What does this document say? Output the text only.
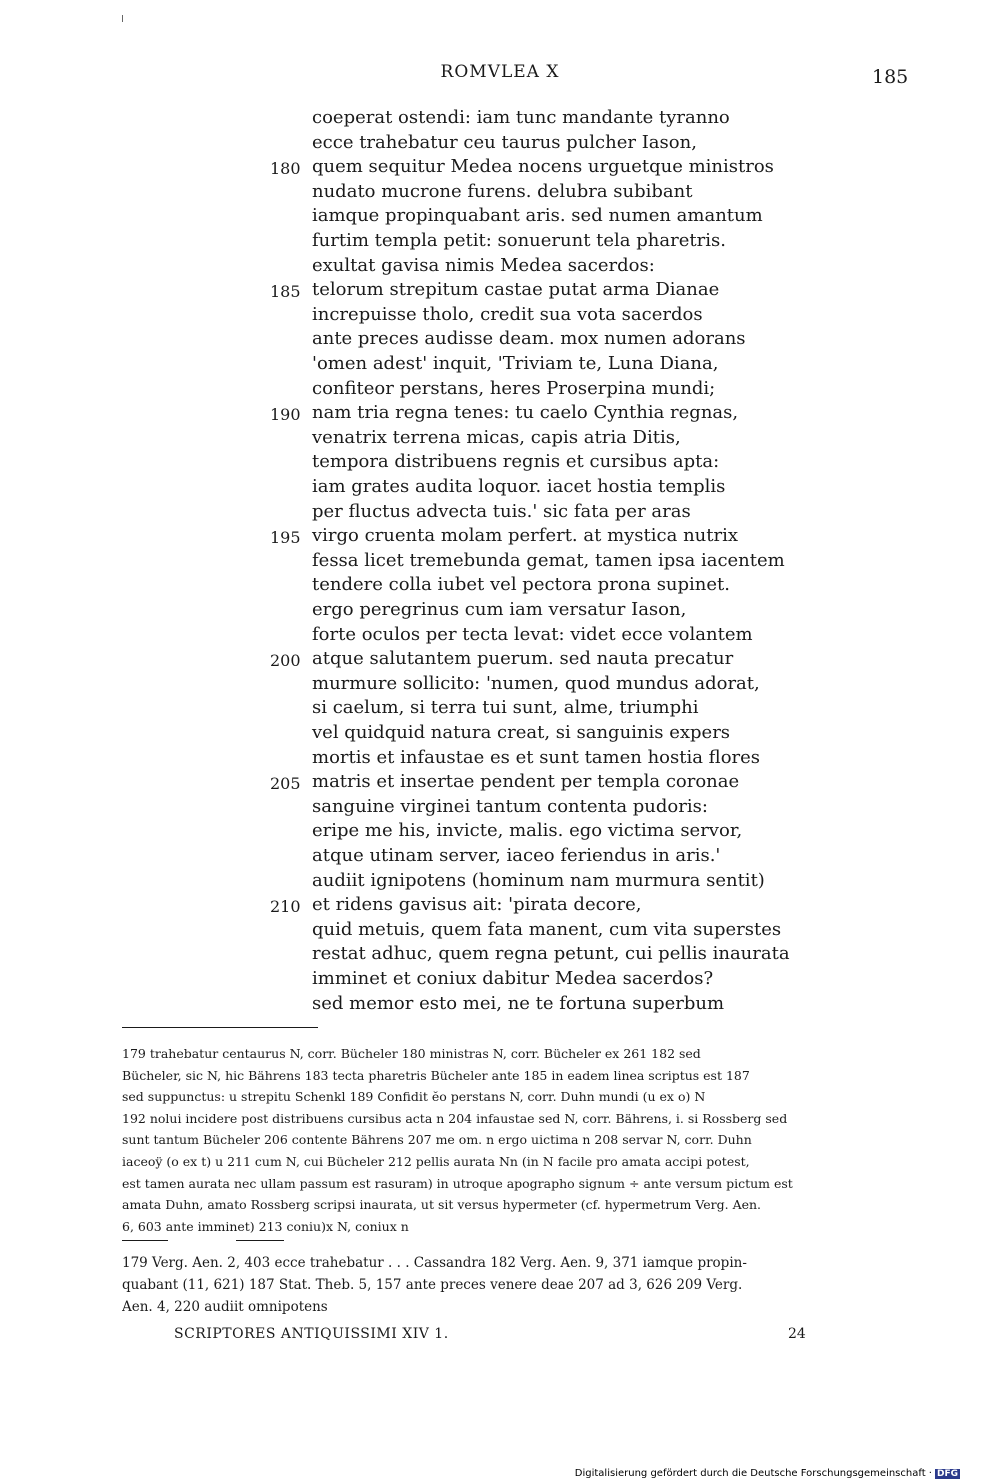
ROMVLEA X	185
coeperat ostendi: iam tunc mandante tyranno
ecce trahebatur ceu taurus pulcher Iason,
quem sequitur Medea nocens urguetque ministros
180
nudato mucrone furens. delubra subibant
iamque propinquabant aris. sed numen amantum
furtim templa petit: sonuerunt tela pharetris.
exultat gavisa nimis Medea sacerdos:
telorum strepitum castae putat arma Dianae
185
increpuisse tholo, credit sua vota sacerdos
ante preces audisse deam. mox numen adorans
'omen adest' inquit, 'Triviam te, Luna Diana,
confiteor perstans, heres Proserpina mundi;
nam tria regna tenes: tu caelo Cynthia regnas,
190
venatrix terrena micas, capis atria Ditis,
tempora distribuens regnis et cursibus apta:
iam grates audita loquor. iacet hostia templis
per fluctus advecta tuis.' sic fata per aras
virgo cruenta molam perfert. at mystica nutrix
195
fessa licet tremebunda gemat, tamen ipsa iacentem
tendere colla iubet vel pectora prona supinet.
ergo peregrinus cum iam versatur Iason,
forte oculos per tecta levat: videt ecce volantem
atque salutantem puerum. sed nauta precatur
200
murmure sollicito: 'numen, quod mundus adorat,
si caelum, si terra tui sunt, alme, triumphi
vel quidquid natura creat, si sanguinis expers
mortis et infaustae es et sunt tamen hostia flores
matris et insertae pendent per templa coronae
205
sanguine virginei tantum contenta pudoris:
eripe me his, invicte, malis. ego victima servor,
atque utinam server, iaceo feriendus in aris.'
audiit ignipotens (hominum nam murmura sentit)
et ridens gavisus ait: 'pirata decore,
210
quid metuis, quem fata manent, cum vita superstes
restat adhuc, quem regna petunt, cui pellis inaurata
imminet et coniux dabitur Medea sacerdos?
sed memor esto mei, ne te fortuna superbum
179 trahebatur centaurus N, corr. Bücheler 180 ministras N, corr. Bücheler ex 261 182 sed
Bücheler, sic N, hic Bährens 183 tecta pharetris Bücheler ante 185 in eadem linea scriptus est 187
sed suppunctus: u strepitu Schenkl 189 Confidit ĕo perstans N, corr. Duhn mundi (u ex o) N
192 nolui incidere post distribuens cursibus acta n 204 infaustae sed N, corr. Bährens, i. si Rossberg sed
sunt tantum Bücheler 206 contente Bährens 207 me om. n ergo uictima n 208 servar N, corr. Duhn
iaceoÿ (o ex t) u 211 cum N, cui Bücheler 212 pellis aurata Nn (in N facile pro amata accipi potest,
est tamen aurata nec ullam passum est rasuram) in utroque apographo signum ÷ ante versum pictum est
amata Duhn, amato Rossberg scripsi inaurata, ut sit versus hypermeter (cf. hypermetrum Verg. Aen.
6, 603 ante imminet) 213 coniu)x N, coniux n
179 Verg. Aen. 2, 403 ecce trahebatur . . . Cassandra 182 Verg. Aen. 9, 371 iamque propin-
quabant (11, 621) 187 Stat. Theb. 5, 157 ante preces venere deae 207 ad 3, 626 209 Verg.
Aen. 4, 220 audiit omnipotens
SCRIPTORES ANTIQUISSIMI XIV 1.	24
Digitalisierung gefördert durch die Deutsche Forschungsgemeinschaft · DFG
